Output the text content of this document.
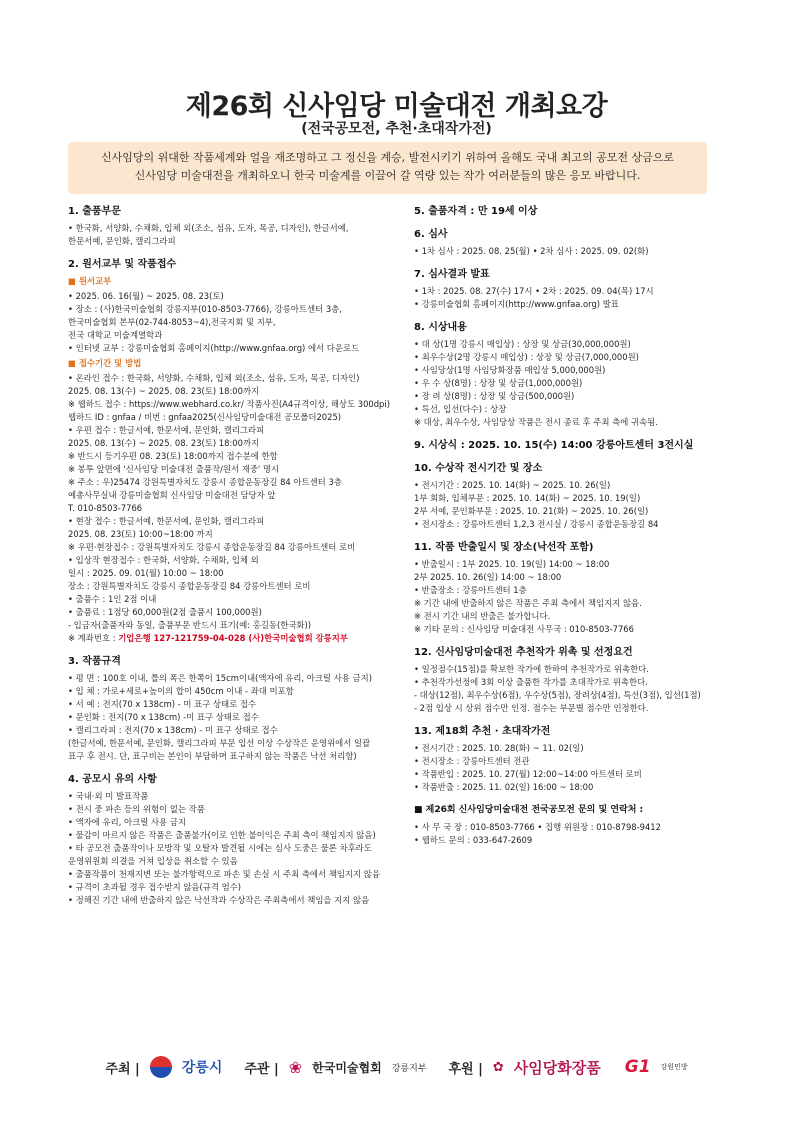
제26회 신사임당 미술대전 개최요강
(전국공모전, 추천·초대작가전)
신사임당의 위대한 작품세계와 얼을 재조명하고 그 정신을 계승, 발전시키기 위하여 올해도 국내 최고의 공모전 상금으로
신사임당 미술대전을 개최하오니 한국 미술계를 이끌어 갈 역량 있는 작가 여러분들의 많은 응모 바랍니다.
1. 출품부문
• 한국화, 서양화, 수채화, 입체 외(조소, 섬유, 도자, 목공, 디자인), 한글서예,
한문서예, 문인화, 캘리그라피
2. 원서교부 및 작품접수
■ 원서교부
• 2025. 06. 16(월) ~ 2025. 08. 23(토)
• 장소 : (사)한국미술협회 강릉지부(010-8503-7766), 강릉아트센터 3층,
한국미술협회 본부(02-744-8053~4),전국지회 및 지부,
전국 대학교 미술계열학과
• 인터넷 교부 : 강릉미술협회 홈페이지(http://www.gnfaa.org) 에서 다운로드
■ 접수기간 및 방법
• 온라인 접수 : 한국화, 서양화, 수채화, 입체 외(조소, 섬유, 도자, 목공, 디자인)
2025. 08. 13(수) ~ 2025. 08. 23(토) 18:00까지
※ 웹하드 접수 : https://www.webhard.co.kr/ 작품사진(A4규격이상, 해상도 300dpi)
웹하드 ID : gnfaa / 비번 : gnfaa2025(신사임당미술대전 공모폴더2025)
• 우편 접수 : 한글서예, 한문서예, 문인화, 캘리그라피
2025. 08. 13(수) ~ 2025. 08. 23(토) 18:00까지
※ 반드시 등기우편 08. 23(토) 18:00까지 접수분에 한함
※ 봉투 앞면에 '신사임당 미술대전 출품작/원서 재중' 명시
※ 주소 : 우)25474 강원특별자치도 강릉시 종합운동장길 84 아트센터 3층
예총사무실내 강릉미술협회 신사임당 미술대전 담당자 앞
T. 010-8503-7766
• 현장 접수 : 한글서예, 한문서예, 문인화, 캘리그라피
2025. 08. 23(토) 10:00~18:00 까지
※ 우편·현장접수 : 강원특별자치도 강릉시 종합운동장길 84 강릉아트센터 로비
• 입상작 현장접수 : 한국화, 서양화, 수채화, 입체 외
일시 : 2025. 09. 01(월) 10:00 ~ 18:00
장소 : 강원특별자치도 강릉시 종합운동장길 84 강릉아트센터 로비
• 출품수 : 1인 2점 이내
• 출품료 : 1점당 60,000원(2점 출품시 100,000원)
- 입금자(출품자와 동일, 출품부문 반드시 표기(예: 홍길동(한국화))
※ 계좌번호 : 기업은행 127-121759-04-028 (사)한국미술협회 강릉지부
3. 작품규격
• 평 면 : 100호 이내, 틀의 폭은 한쪽이 15cm이내(액자에 유리, 아크릴 사용 금지)
• 입 체 : 가로+세로+높이의 합이 450cm 이내 - 좌대 미포함
• 서 예 : 전지(70 x 138cm) - 미 표구 상태로 접수
• 문인화 : 전지(70 x 138cm) -미 표구 상태로 접수
• 캘리그라피 : 전지(70 x 138cm) - 미 표구 상태로 접수
(한글서예, 한문서예, 문인화, 캘리그라피 부문 입선 이상 수상작은 운영위에서 일괄
표구 후 전시. 단, 표구비는 본인이 부담하며 표구하지 않는 작품은 낙선 처리함)
4. 공모시 유의 사항
• 국내·외 미 발표작품
• 전시 중 파손 등의 위험이 없는 작품
• 액자에 유리, 아크릴 사용 금지
• 물감이 마르지 않은 작품은 출품불가(이로 인한 불이익은 주최 측이 책임지지 않음)
• 타 공모전 출품작이나 모방작 및 오탈자 발견될 시에는 심사 도중은 물론 차후라도
운영위원회 의결을 거쳐 입상을 취소할 수 있음
• 출품작품이 천재지변 또는 불가항력으로 파손 및 손실 시 주최 측에서 책임지지 않음
• 규격이 초과될 경우 접수받지 않음(규격 엄수)
• 정해진 기간 내에 반출하지 않은 낙선작과 수상작은 주최측에서 책임을 지지 않음
5. 출품자격 : 만 19세 이상
6. 심사
• 1차 심사 : 2025. 08. 25(월) • 2차 심사 : 2025. 09. 02(화)
7. 심사결과 발표
• 1차 : 2025. 08. 27(수) 17시 • 2차 : 2025. 09. 04(목) 17시
• 강릉미술협회 홈페이지(http://www.gnfaa.org) 발표
8. 시상내용
• 대 상(1명 강릉시 매입상) : 상장 및 상금(30,000,000원)
• 최우수상(2명 강릉시 매입상) : 상장 및 상금(7,000,000원)
• 사임당상(1명 사임당화장품 매입상 5,000,000원)
• 우 수 상(8명) : 상장 및 상금(1,000,000원)
• 장 려 상(8명) : 상장 및 상금(500,000원)
• 특선, 입선(다수) : 상장
※ 대상, 최우수상, 사임당상 작품은 전시 종료 후 주최 측에 귀속됨.
9. 시상식 : 2025. 10. 15(수) 14:00 강릉아트센터 3전시실
10. 수상작 전시기간 및 장소
• 전시기간 : 2025. 10. 14(화) ~ 2025. 10. 26(일)
1부 회화, 입체부문 : 2025. 10. 14(화) ~ 2025. 10. 19(일)
2부 서예, 문인화부문 : 2025. 10. 21(화) ~ 2025. 10. 26(일)
• 전시장소 : 강릉아트센터 1,2,3 전시실 / 강릉시 종합운동장길 84
11. 작품 반출일시 및 장소(낙선작 포함)
• 반출일시 : 1부 2025. 10. 19(일) 14:00 ~ 18:00
2부 2025. 10. 26(일) 14:00 ~ 18:00
• 반출장소 : 강릉아트센터 1층
※ 기간 내에 반출하지 않은 작품은 주최 측에서 책임지지 않음.
※ 전시 기간 내의 반출은 불가합니다.
※ 기타 문의 : 신사임당 미술대전 사무국 : 010-8503-7766
12. 신사임당미술대전 추천작가 위촉 및 선정요건
• 일정점수(15점)를 확보한 작가에 한하여 추천작가로 위촉한다.
• 추천작가선정에 3회 이상 출품한 작가를 초대작가로 위촉한다.
- 대상(12점), 최우수상(6점), 우수상(5점), 장려상(4점), 특선(3점), 입선(1점)
- 2점 입상 시 상위 점수만 인정. 점수는 부문별 점수만 인정한다.
13. 제18회 추천 · 초대작가전
• 전시기간 : 2025. 10. 28(화) ~ 11. 02(일)
• 전시장소 : 강릉아트센터 전관
• 작품반입 : 2025. 10. 27(월) 12:00~14:00 아트센터 로비
• 작품반출 : 2025. 11. 02(일) 16:00 ~ 18:00
■ 제26회 신사임당미술대전 전국공모전 문의 및 연락처 :
• 사 무 국 장 : 010-8503-7766 • 집행 위원장 : 010-8798-9412
• 웹하드 문의 : 033-647-2609
주최 |	강릉시 주관 | ❀ 한국미술협회 강릉지부 후원 | ✿ 사임당화장품 G1 강원민방
